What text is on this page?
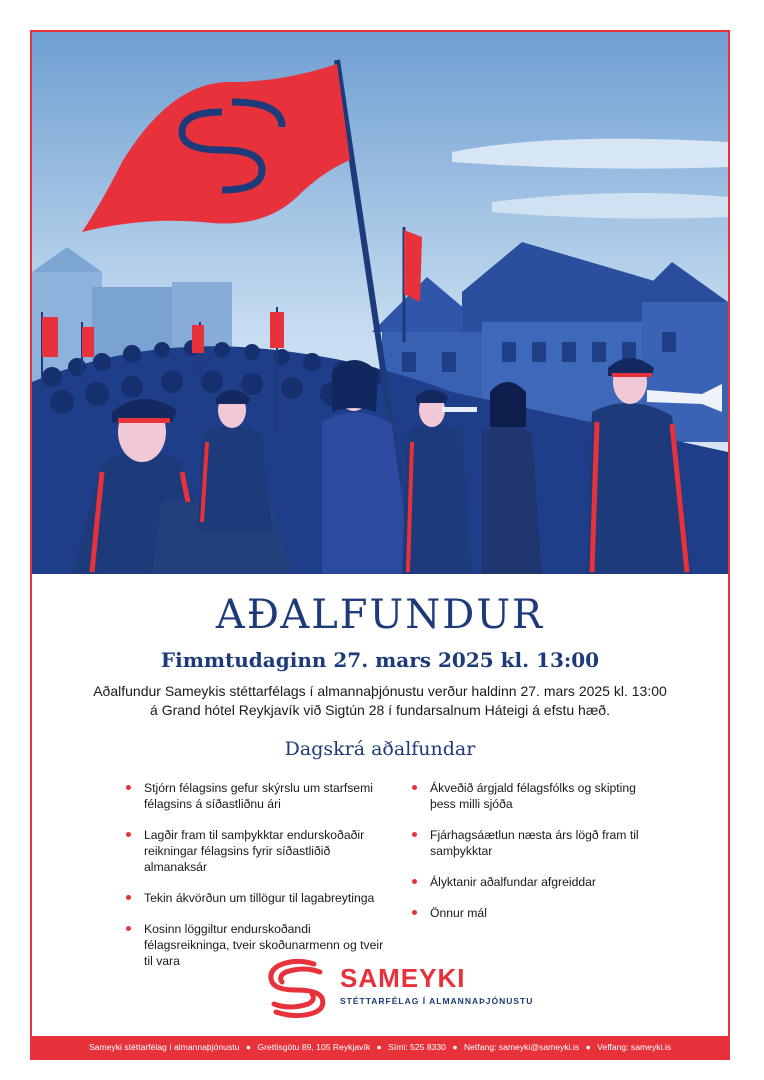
AÐALFUNDUR
Fimmtudaginn 27. mars 2025 kl. 13:00
Aðalfundur Sameykis stéttarfélags í almannaþjónustu verður haldinn 27. mars 2025 kl. 13:00
á Grand hótel Reykjavík við Sigtún 28 í fundarsalnum Háteigi á efstu hæð.
Dagskrá aðalfundar
Stjórn félagsins gefur skýrslu um starfsemi félagsins á síðastliðnu ári
Lagðir fram til samþykktar endurskoðaðir reikningar félagsins fyrir síðastliðið almanaksár
Tekin ákvörðun um tillögur til lagabreytinga
Kosinn löggiltur endurskoðandi félagsreikninga, tveir skoðunarmenn og tveir til vara
Ákveðið árgjald félagsfólks og skipting þess milli sjóða
Fjárhagsáætlun næsta árs lögð fram til samþykktar
Ályktanir aðalfundar afgreiddar
Önnur mál
SAMEYKI
STÉTTARFÉLAG Í ALMANNAÞJÓNUSTU
Sameyki stéttarfélag í almannaþjónustu ● Grettisgötu 89, 105 Reykjavík ● Sími: 525 8330 ● Netfang: sameyki@sameyki.is ● Veffang: sameyki.is
